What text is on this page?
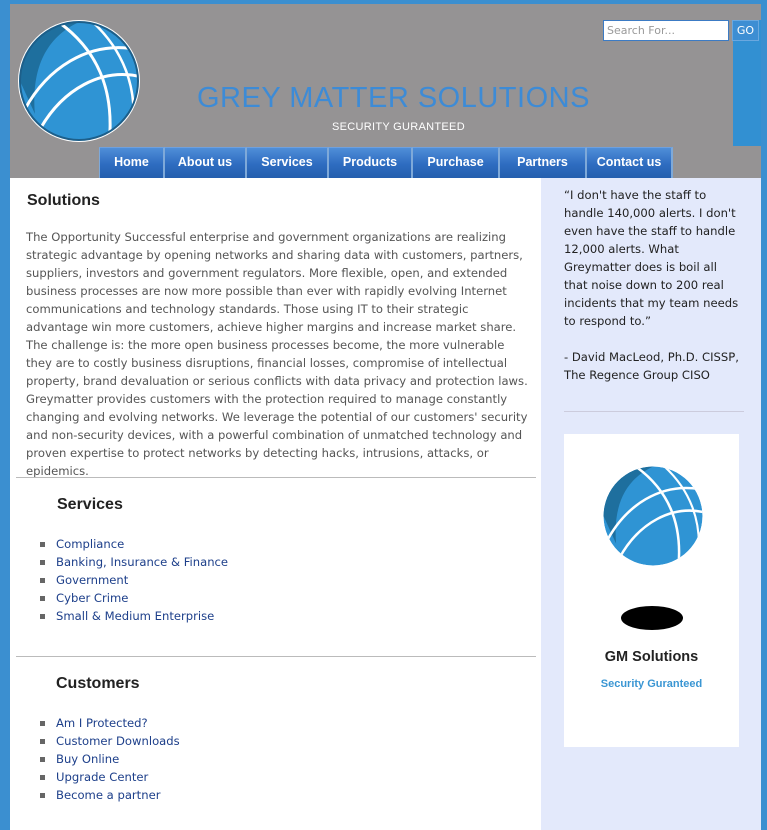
GREY MATTER SOLUTIONS
SECURITY GURANTEED
Search For...
GO
Home	About us	Services	Products	Purchase	Partners	Contact us
Solutions
The Opportunity Successful enterprise and government organizations are realizing strategic advantage by opening networks and sharing data with customers, partners, suppliers, investors and government regulators. More flexible, open, and extended business processes are now more possible than ever with rapidly evolving Internet communications and technology standards. Those using IT to their strategic advantage win more customers, achieve higher margins and increase market share. The challenge is: the more open business processes become, the more vulnerable they are to costly business disruptions, financial losses, compromise of intellectual property, brand devaluation or serious conflicts with data privacy and protection laws. Greymatter provides customers with the protection required to manage constantly changing and evolving networks. We leverage the potential of our customers' security and non-security devices, with a powerful combination of unmatched technology and proven expertise to protect networks by detecting hacks, intrusions, attacks, or epidemics.
Services
Compliance
Banking, Insurance & Finance
Government
Cyber Crime
Small & Medium Enterprise
Customers
Am I Protected?
Customer Downloads
Buy Online
Upgrade Center
Become a partner

“I don't have the staff to handle 140,000 alerts. I don't even have the staff to handle 12,000 alerts. What Greymatter does is boil all that noise down to 200 real incidents that my team needs to respond to.”

- David MacLeod, Ph.D. CISSP, The Regence Group CISO

GM Solutions
Security Guranteed
